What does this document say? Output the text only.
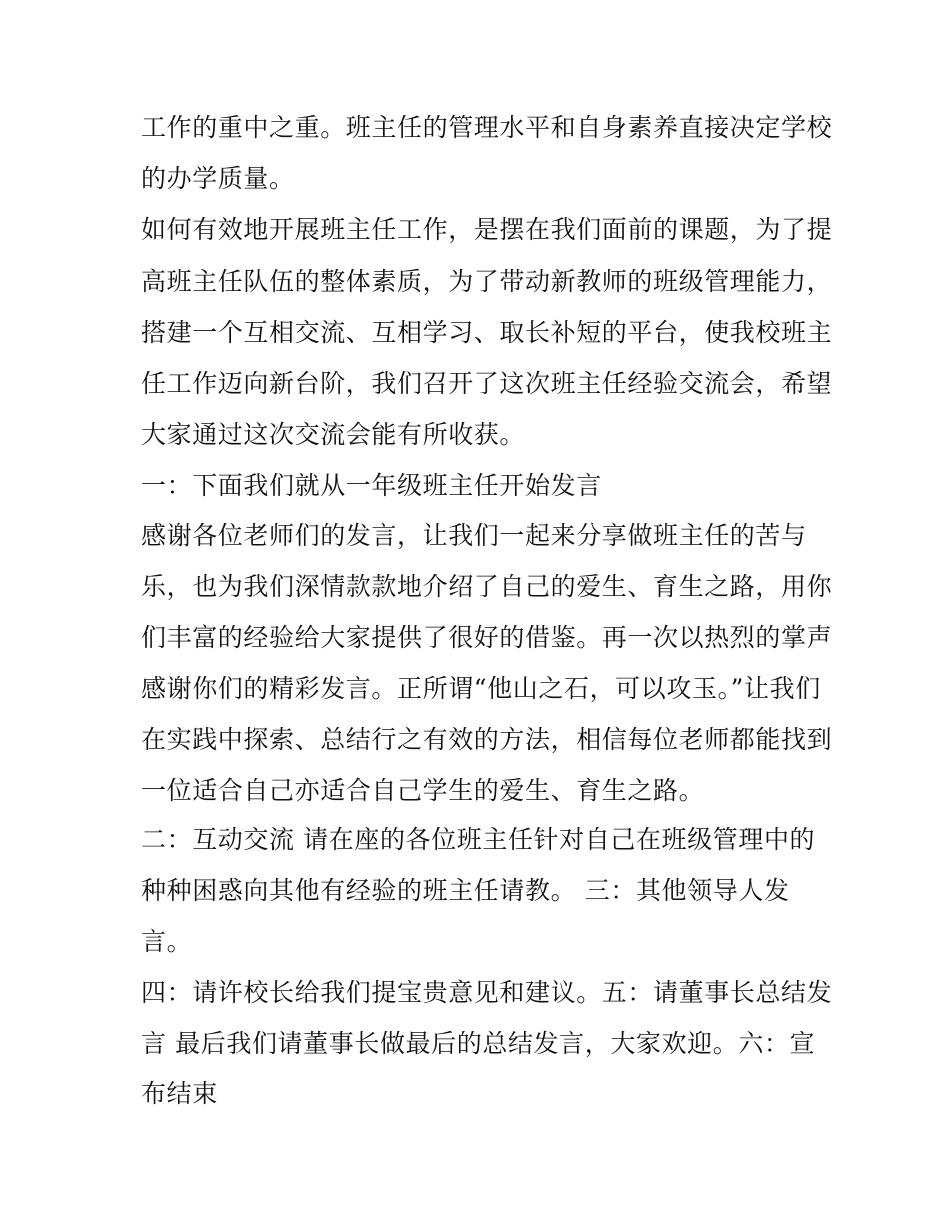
工作的重中之重。班主任的管理水平和自身素养直接决定学校
的办学质量。
如何有效地开展班主任工作，是摆在我们面前的课题，为了提
高班主任队伍的整体素质，为了带动新教师的班级管理能力，
搭建一个互相交流、互相学习、取长补短的平台，使我校班主
任工作迈向新台阶，我们召开了这次班主任经验交流会，希望
大家通过这次交流会能有所收获。
一：下面我们就从一年级班主任开始发言
感谢各位老师们的发言，让我们一起来分享做班主任的苦与
乐，也为我们深情款款地介绍了自己的爱生、育生之路，用你
们丰富的经验给大家提供了很好的借鉴。再一次以热烈的掌声
感谢你们的精彩发言。正所谓“他山之石，可以攻玉。”让我们
在实践中探索、总结行之有效的方法，相信每位老师都能找到
一位适合自己亦适合自己学生的爱生、育生之路。
二：互动交流 请在座的各位班主任针对自己在班级管理中的
种种困惑向其他有经验的班主任请教。 三：其他领导人发
言。
四：请许校长给我们提宝贵意见和建议。五：请董事长总结发
言 最后我们请董事长做最后的总结发言，大家欢迎。六：宣
布结束
